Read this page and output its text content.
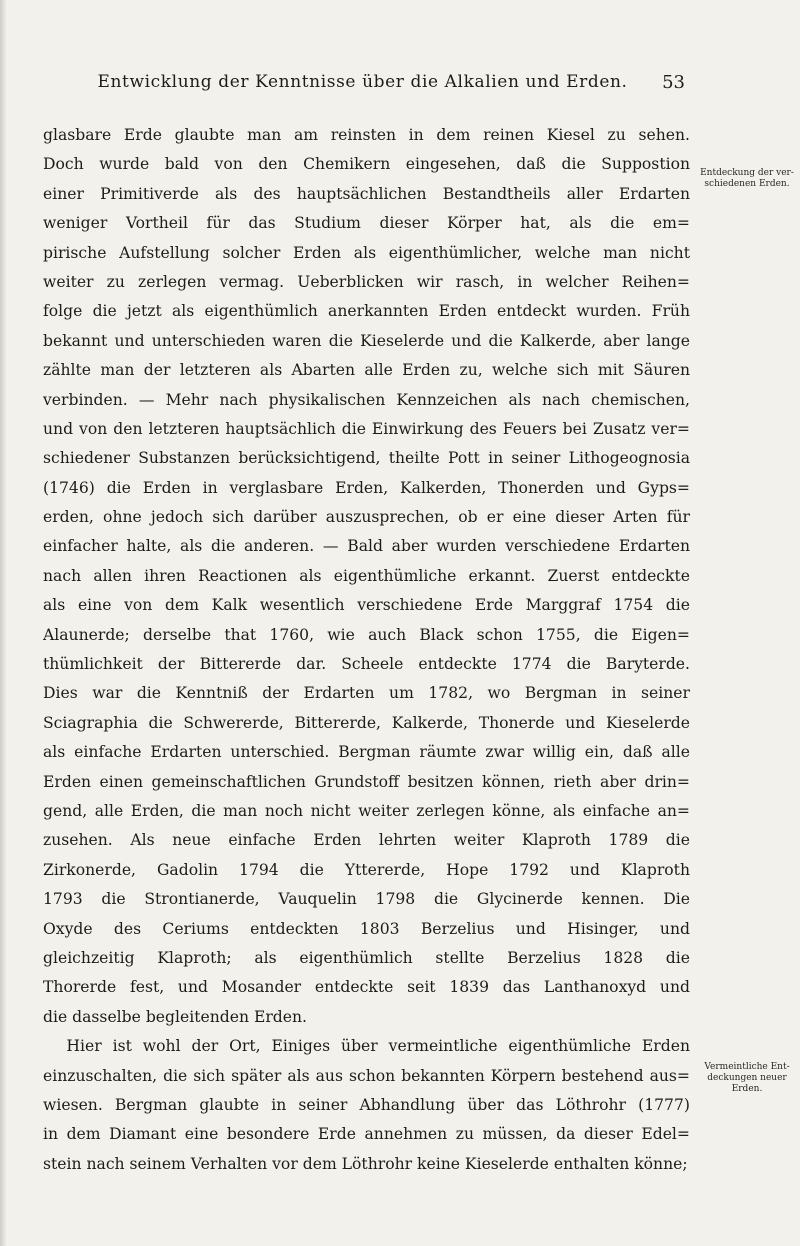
Entwicklung der Kenntnisse über die Alkalien und Erden.	53
glasbare Erde glaubte man am reinsten in dem reinen Kiesel zu sehen.
Doch wurde bald von den Chemikern eingesehen, daß die Suppostion
einer Primitiverde als des hauptsächlichen Bestandtheils aller Erdarten
weniger Vortheil für das Studium dieser Körper hat, als die em=
pirische Aufstellung solcher Erden als eigenthümlicher, welche man nicht
weiter zu zerlegen vermag. Ueberblicken wir rasch, in welcher Reihen=
folge die jetzt als eigenthümlich anerkannten Erden entdeckt wurden. Früh
bekannt und unterschieden waren die Kieselerde und die Kalkerde, aber lange
zählte man der letzteren als Abarten alle Erden zu, welche sich mit Säuren
verbinden. — Mehr nach physikalischen Kennzeichen als nach chemischen,
und von den letzteren hauptsächlich die Einwirkung des Feuers bei Zusatz ver=
schiedener Substanzen berücksichtigend, theilte Pott in seiner Lithogeognosia
(1746) die Erden in verglasbare Erden, Kalkerden, Thonerden und Gyps=
erden, ohne jedoch sich darüber auszusprechen, ob er eine dieser Arten für
einfacher halte, als die anderen. — Bald aber wurden verschiedene Erdarten
nach allen ihren Reactionen als eigenthümliche erkannt. Zuerst entdeckte
als eine von dem Kalk wesentlich verschiedene Erde Marggraf 1754 die
Alaunerde; derselbe that 1760, wie auch Black schon 1755, die Eigen=
thümlichkeit der Bittererde dar. Scheele entdeckte 1774 die Baryterde.
Dies war die Kenntniß der Erdarten um 1782, wo Bergman in seiner
Sciagraphia die Schwererde, Bittererde, Kalkerde, Thonerde und Kieselerde
als einfache Erdarten unterschied. Bergman räumte zwar willig ein, daß alle
Erden einen gemeinschaftlichen Grundstoff besitzen können, rieth aber drin=
gend, alle Erden, die man noch nicht weiter zerlegen könne, als einfache an=
zusehen. Als neue einfache Erden lehrten weiter Klaproth 1789 die
Zirkonerde, Gadolin 1794 die Yttererde, Hope 1792 und Klaproth
1793 die Strontianerde, Vauquelin 1798 die Glycinerde kennen. Die
Oxyde des Ceriums entdeckten 1803 Berzelius und Hisinger, und
gleichzeitig Klaproth; als eigenthümlich stellte Berzelius 1828 die
Thorerde fest, und Mosander entdeckte seit 1839 das Lanthanoxyd und
die dasselbe begleitenden Erden.
Hier ist wohl der Ort, Einiges über vermeintliche eigenthümliche Erden
einzuschalten, die sich später als aus schon bekannten Körpern bestehend aus=
wiesen. Bergman glaubte in seiner Abhandlung über das Löthrohr (1777)
in dem Diamant eine besondere Erde annehmen zu müssen, da dieser Edel=
stein nach seinem Verhalten vor dem Löthrohr keine Kieselerde enthalten könne;
Entdeckung der ver- schiedenen Erden.
Vermeintliche Ent- deckungen neuer Erden.
